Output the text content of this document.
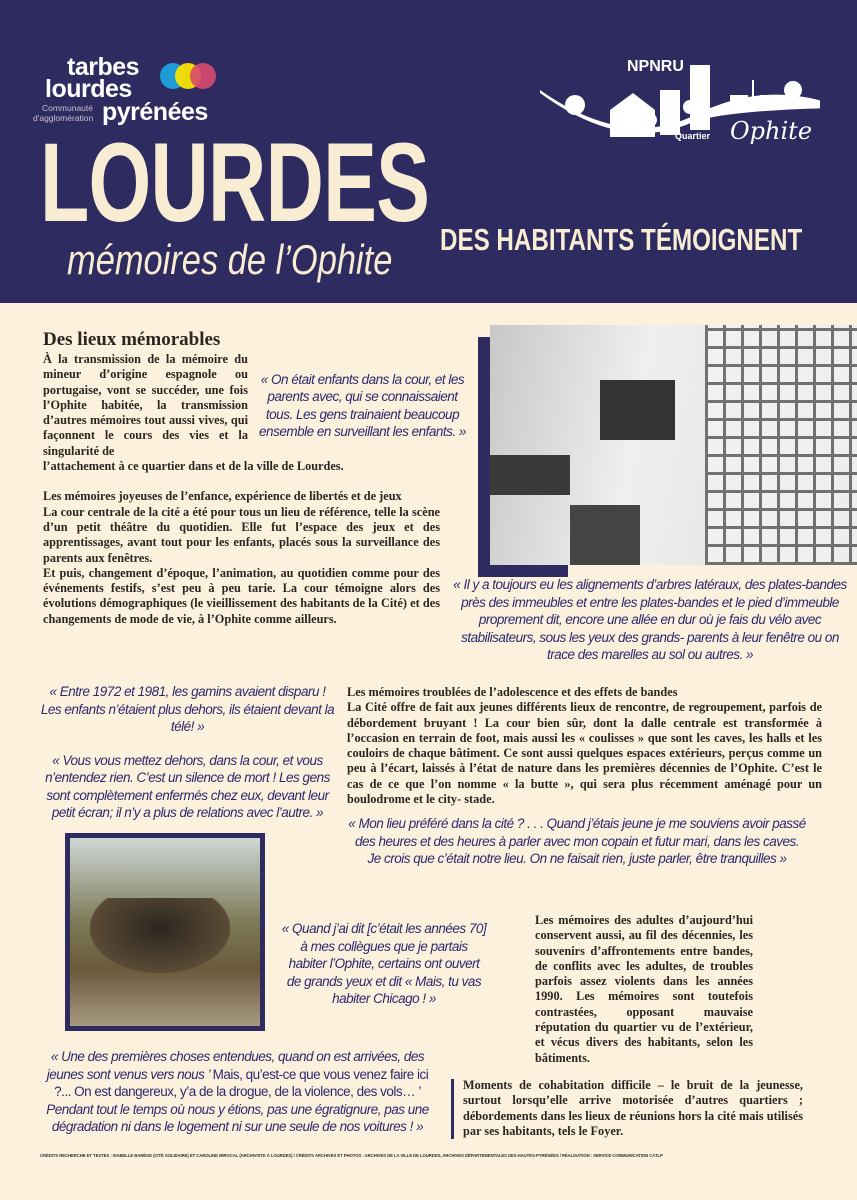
tarbes
lourdes
Communauté
d'agglomération pyrénées
NPNRU
Quartier Ophite
LOURDES
mémoires de l’Ophite DES HABITANTS TÉMOIGNENT
Des lieux mémorables
À la transmission de la mémoire du mineur d’origine espagnole ou portugaise, vont se succéder, une fois l’Ophite habitée, la transmission d’autres mémoires tout aussi vives, qui façonnent le cours des vies et la singularité de
« On était enfants dans la cour, et les parents avec, qui se connaissaient tous. Les gens trainaient beaucoup ensemble en surveillant les enfants. »
l’attachement à ce quartier dans et de la ville de Lourdes.
Les mémoires joyeuses de l’enfance, expérience de libertés et de jeux
La cour centrale de la cité a été pour tous un lieu de référence, telle la scène d’un petit théâtre du quotidien. Elle fut l’espace des jeux et des apprentissages, avant tout pour les enfants, placés sous la surveillance des parents aux fenêtres.
Et puis, changement d’époque, l’animation, au quotidien comme pour des événements festifs, s’est peu à peu tarie. La cour témoigne alors des évolutions démographiques (le vieillissement des habitants de la Cité) et des changements de mode de vie, à l’Ophite comme ailleurs.
« Il y a toujours eu les alignements d’arbres latéraux, des plates-bandes près des immeubles et entre les plates-bandes et le pied d’immeuble proprement dit, encore une allée en dur où je fais du vélo avec stabilisateurs, sous les yeux des grands- parents à leur fenêtre ou on trace des marelles au sol ou autres. »
« Entre 1972 et 1981, les gamins avaient disparu ! Les enfants n’étaient plus dehors, ils étaient devant la télé! »
« Vous vous mettez dehors, dans la cour, et vous n’entendez rien. C’est un silence de mort ! Les gens sont complètement enfermés chez eux, devant leur petit écran; il n’y a plus de relations avec l’autre. »
Les mémoires troublées de l’adolescence et des effets de bandes
La Cité offre de fait aux jeunes différents lieux de rencontre, de regroupement, parfois de débordement bruyant ! La cour bien sûr, dont la dalle centrale est transformée à l’occasion en terrain de foot, mais aussi les « coulisses » que sont les caves, les halls et les couloirs de chaque bâtiment. Ce sont aussi quelques espaces extérieurs, perçus comme un peu à l’écart, laissés à l’état de nature dans les premières décennies de l’Ophite. C’est le cas de ce que l’on nomme « la butte », qui sera plus récemment aménagé pour un boulodrome et le city- stade.
« Mon lieu préféré dans la cité ? . . . Quand j’étais jeune je me souviens avoir passé des heures et des heures à parler avec mon copain et futur mari, dans les caves. Je crois que c’était notre lieu. On ne faisait rien, juste parler, être tranquilles »
« Quand j’ai dit [c’était les années 70] à mes collègues que je partais habiter l’Ophite, certains ont ouvert de grands yeux et dit « Mais, tu vas habiter Chicago ! »
Les mémoires des adultes d’aujourd’hui conservent aussi, au fil des décennies, les souvenirs d’affrontements entre bandes, de conflits avec les adultes, de troubles parfois assez violents dans les années 1990. Les mémoires sont toutefois contrastées, opposant mauvaise réputation du quartier vu de l’extérieur, et vécus divers des habitants, selon les bâtiments.
« Une des premières choses entendues, quand on est arrivées, des jeunes sont venus vers nous ’ Mais, qu’est-ce que vous venez faire ici ?... On est dangereux, y’a de la drogue, de la violence, des vols… ’ Pendant tout le temps où nous y étions, pas une égratignure, pas une dégradation ni dans le logement ni sur une seule de nos voitures ! »
Moments de cohabitation difficile – le bruit de la jeunesse, surtout lorsqu’elle arrive motorisée d’autres quartiers ; débordements dans les lieux de réunions hors la cité mais utilisés par ses habitants, tels le Foyer.
CRÉDITS RECHERCHE ET TEXTES : ISABELLE BARÈGE (CITÉ SOLIDAIRE) ET CAROLINE MIROCAL (ARCHIVISTE À LOURDES) / CRÉDITS ARCHIVES ET PHOTOS : ARCHIVES DE LA VILLE DE LOURDES, ARCHIVES DÉPARTEMENTALES DES HAUTES-PYRÉNÉES / RÉALISATION : SERVICE COMMUNICATION CATLP
